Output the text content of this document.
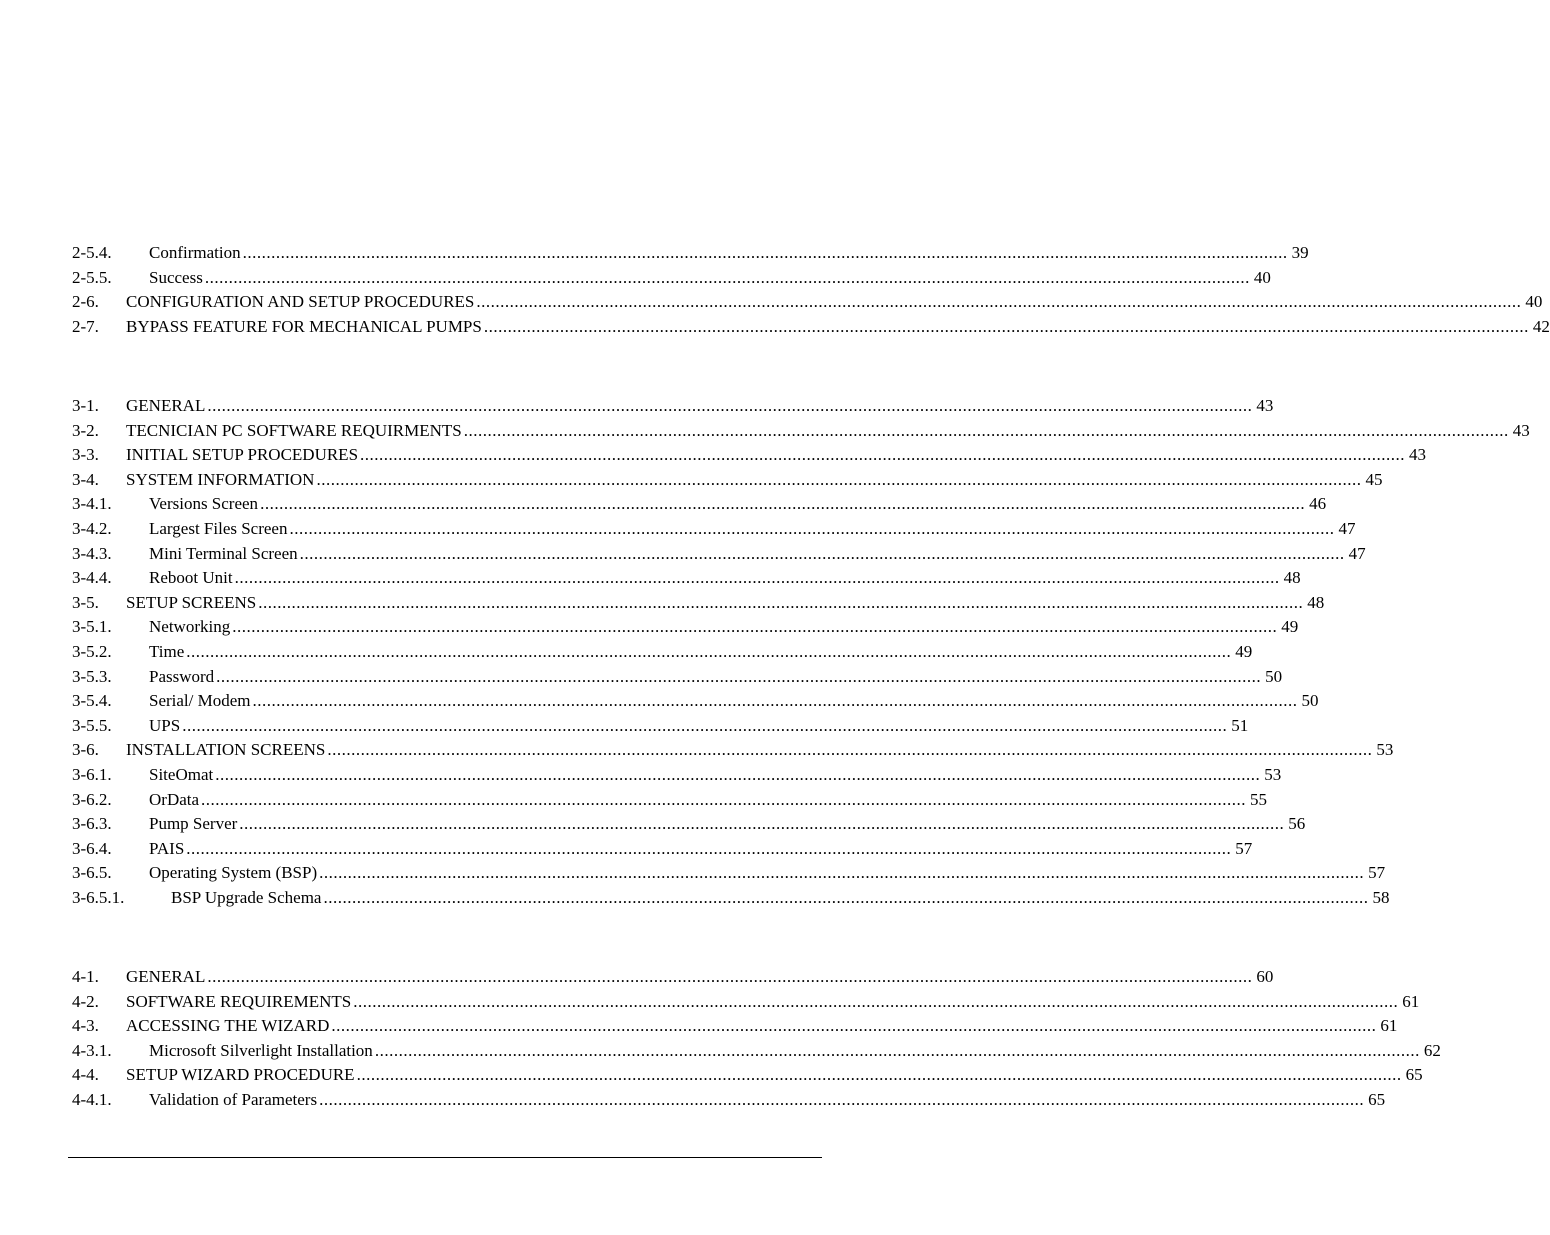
2-5.4. Confirmation ............................................................................................................................................................................................................................ 39
2-5.5. Success ............................................................................................................................................................................................................................ 40
2-6. CONFIGURATION AND SETUP PROCEDURES ............................................................................................................................................................................................................................ 40
2-7. BYPASS FEATURE FOR MECHANICAL PUMPS ............................................................................................................................................................................................................................ 42
3-1. GENERAL ............................................................................................................................................................................................................................ 43
3-2. TECNICIAN PC SOFTWARE REQUIRMENTS ............................................................................................................................................................................................................................ 43
3-3. INITIAL SETUP PROCEDURES ............................................................................................................................................................................................................................ 43
3-4. SYSTEM INFORMATION ............................................................................................................................................................................................................................ 45
3-4.1. Versions Screen ............................................................................................................................................................................................................................ 46
3-4.2. Largest Files Screen ............................................................................................................................................................................................................................ 47
3-4.3. Mini Terminal Screen ............................................................................................................................................................................................................................ 47
3-4.4. Reboot Unit ............................................................................................................................................................................................................................ 48
3-5. SETUP SCREENS ............................................................................................................................................................................................................................ 48
3-5.1. Networking ............................................................................................................................................................................................................................ 49
3-5.2. Time ............................................................................................................................................................................................................................ 49
3-5.3. Password ............................................................................................................................................................................................................................ 50
3-5.4. Serial/ Modem ............................................................................................................................................................................................................................ 50
3-5.5. UPS ............................................................................................................................................................................................................................ 51
3-6. INSTALLATION SCREENS ............................................................................................................................................................................................................................ 53
3-6.1. SiteOmat ............................................................................................................................................................................................................................ 53
3-6.2. OrData ............................................................................................................................................................................................................................ 55
3-6.3. Pump Server ............................................................................................................................................................................................................................ 56
3-6.4. PAIS ............................................................................................................................................................................................................................ 57
3-6.5. Operating System (BSP) ............................................................................................................................................................................................................................ 57
3-6.5.1.	BSP Upgrade Schema ............................................................................................................................................................................................................................ 58
4-1. GENERAL ............................................................................................................................................................................................................................ 60
4-2. SOFTWARE REQUIREMENTS ............................................................................................................................................................................................................................ 61
4-3. ACCESSING THE WIZARD ............................................................................................................................................................................................................................ 61
4-3.1. Microsoft Silverlight Installation ............................................................................................................................................................................................................................ 62
4-4. SETUP WIZARD PROCEDURE ............................................................................................................................................................................................................................ 65
4-4.1. Validation of Parameters ............................................................................................................................................................................................................................ 65
